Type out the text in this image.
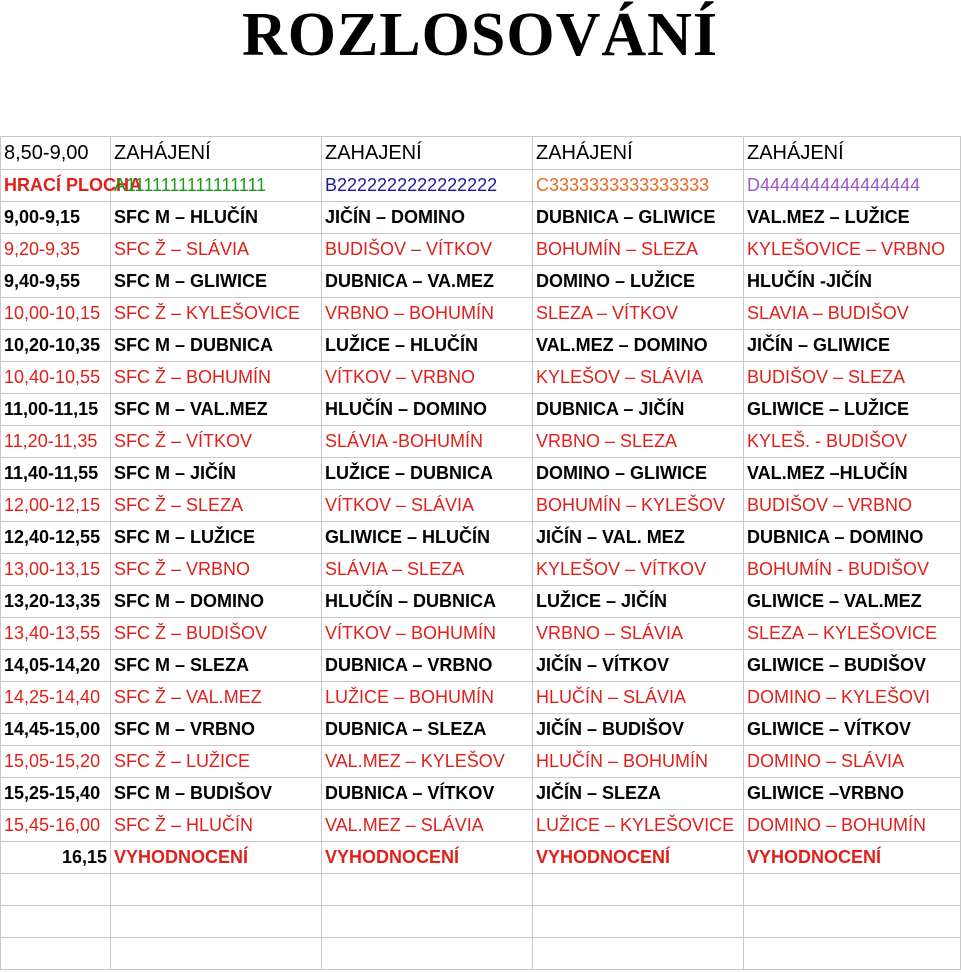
ROZLOSOVÁNÍ
8,50-9,00	ZAHÁJENÍ	ZAHAJENÍ	ZAHÁJENÍ	ZAHÁJENÍ
HRACÍ PLOCHA	A1111111111111111	B2222222222222222	C3333333333333333	D4444444444444444
9,00-9,15	SFC M – HLUČÍN	JIČÍN – DOMINO	DUBNICA – GLIWICE	VAL.MEZ – LUŽICE
9,20-9,35	SFC Ž – SLÁVIA	BUDIŠOV – VÍTKOV	BOHUMÍN – SLEZA	KYLEŠOVICE – VRBNO
9,40-9,55	SFC M – GLIWICE	DUBNICA – VA.MEZ	DOMINO – LUŽICE	HLUČÍN -JIČÍN
10,00-10,15	SFC Ž – KYLEŠOVICE	VRBNO – BOHUMÍN	SLEZA – VÍTKOV	SLAVIA – BUDIŠOV
10,20-10,35	SFC M – DUBNICA	LUŽICE – HLUČÍN	VAL.MEZ – DOMINO	JIČÍN – GLIWICE
10,40-10,55	SFC Ž – BOHUMÍN	VÍTKOV – VRBNO	KYLEŠOV – SLÁVIA	BUDIŠOV – SLEZA
11,00-11,15	SFC M – VAL.MEZ	HLUČÍN – DOMINO	DUBNICA – JIČÍN	GLIWICE – LUŽICE
11,20-11,35	SFC Ž – VÍTKOV	SLÁVIA -BOHUMÍN	VRBNO – SLEZA	KYLEŠ. - BUDIŠOV
11,40-11,55	SFC M – JIČÍN	LUŽICE – DUBNICA	DOMINO – GLIWICE	VAL.MEZ –HLUČÍN
12,00-12,15	SFC Ž – SLEZA	VÍTKOV – SLÁVIA	BOHUMÍN – KYLEŠOV	BUDIŠOV – VRBNO
12,40-12,55	SFC M – LUŽICE	GLIWICE – HLUČÍN	JIČÍN – VAL. MEZ	DUBNICA – DOMINO
13,00-13,15	SFC Ž – VRBNO	SLÁVIA – SLEZA	KYLEŠOV – VÍTKOV	BOHUMÍN - BUDIŠOV
13,20-13,35	SFC M – DOMINO	HLUČÍN – DUBNICA	LUŽICE – JIČÍN	GLIWICE – VAL.MEZ
13,40-13,55	SFC Ž – BUDIŠOV	VÍTKOV – BOHUMÍN	VRBNO – SLÁVIA	SLEZA – KYLEŠOVICE
14,05-14,20	SFC M – SLEZA	DUBNICA – VRBNO	JIČÍN – VÍTKOV	GLIWICE – BUDIŠOV
14,25-14,40	SFC Ž – VAL.MEZ	LUŽICE – BOHUMÍN	HLUČÍN – SLÁVIA	DOMINO – KYLEŠOVI
14,45-15,00	SFC M – VRBNO	DUBNICA – SLEZA	JIČÍN – BUDIŠOV	GLIWICE – VÍTKOV
15,05-15,20	SFC Ž – LUŽICE	VAL.MEZ – KYLEŠOV	HLUČÍN – BOHUMÍN	DOMINO – SLÁVIA
15,25-15,40	SFC M – BUDIŠOV	DUBNICA – VÍTKOV	JIČÍN – SLEZA	GLIWICE –VRBNO
15,45-16,00	SFC Ž – HLUČÍN	VAL.MEZ – SLÁVIA	LUŽICE – KYLEŠOVICE	DOMINO – BOHUMÍN
16,15	VYHODNOCENÍ	VYHODNOCENÍ	VYHODNOCENÍ	VYHODNOCENÍ
